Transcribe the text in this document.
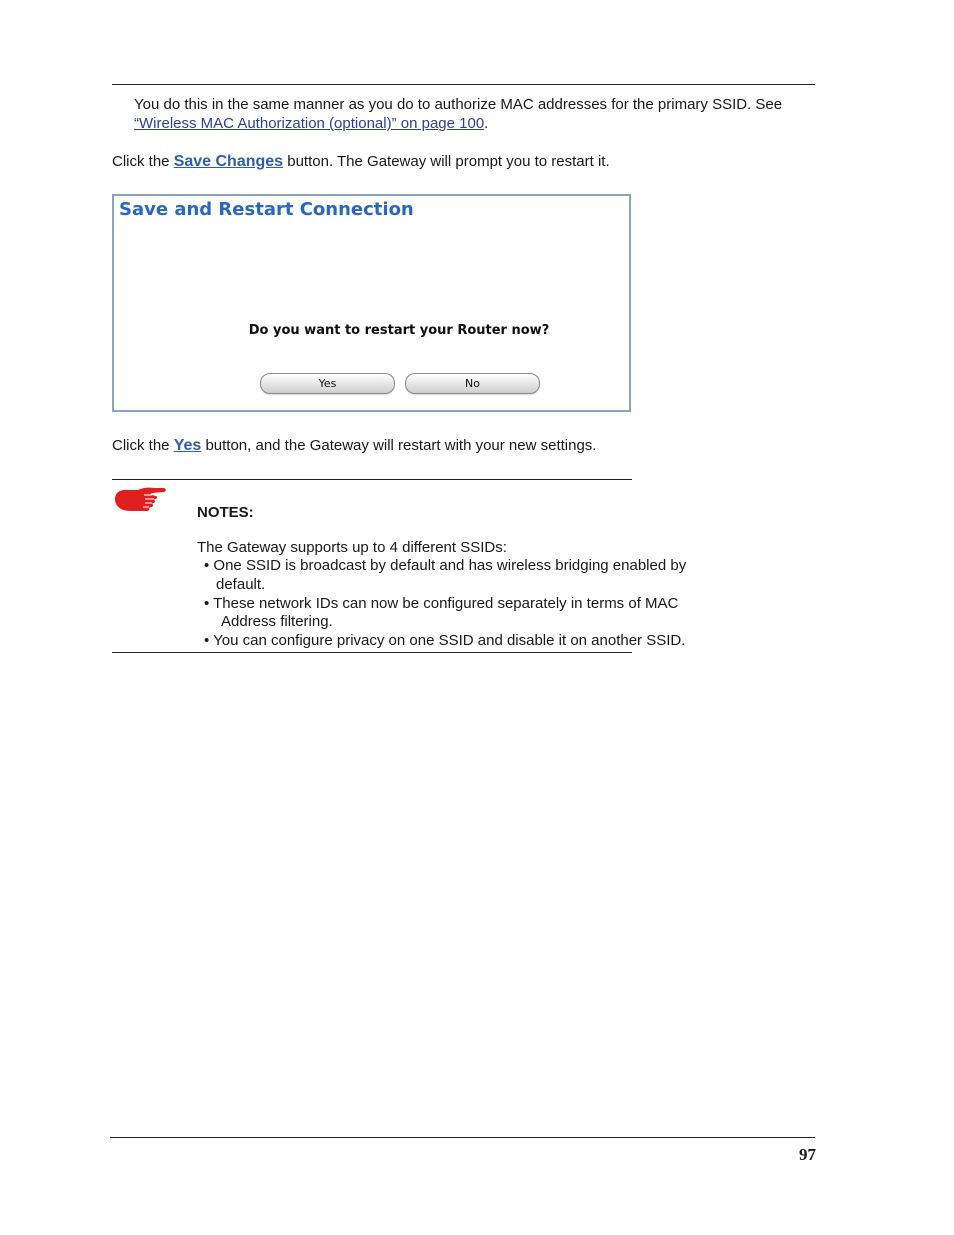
You do this in the same manner as you do to authorize MAC addresses for the primary SSID. See
“Wireless MAC Authorization (optional)” on page 100.
Click the Save Changes button. The Gateway will prompt you to restart it.
Save and Restart Connection
Do you want to restart your Router now?
Yes	No
Click the Yes button, and the Gateway will restart with your new settings.
NOTES:
The Gateway supports up to 4 different SSIDs:
• One SSID is broadcast by default and has wireless bridging enabled by
default.
• These network IDs can now be configured separately in terms of MAC
Address filtering.
• You can configure privacy on one SSID and disable it on another SSID.
97
